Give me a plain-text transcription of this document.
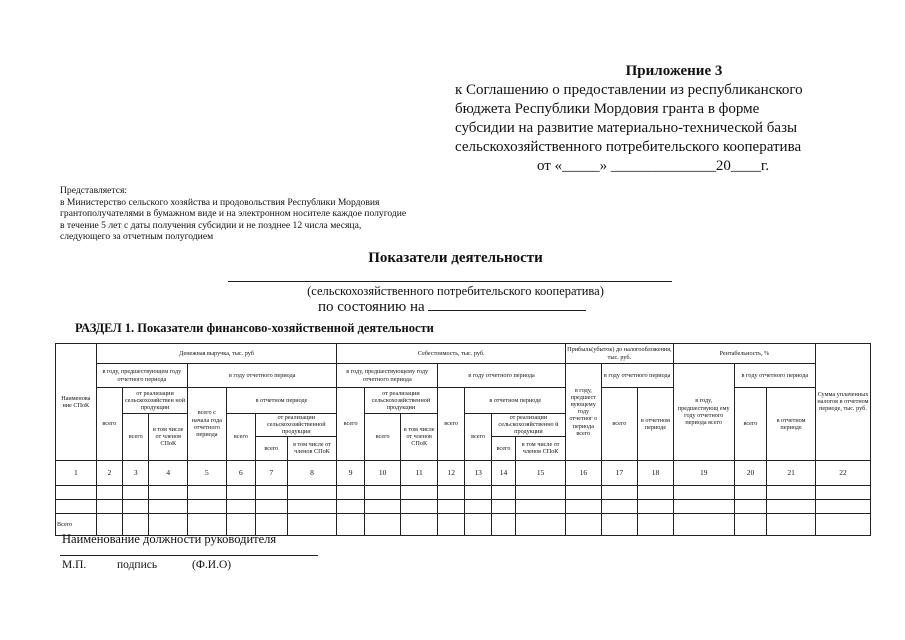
Приложение 3
к Соглашению о предоставлении из республиканского
бюджета Республики Мордовия гранта в форме
субсидии на развитие материально-технической базы
сельскохозяйственного потребительского кооператива
от «_____» ______________20____г.
Представляется:
в Министерство сельского хозяйства и продовольствия Республики Мордовия
грантополучателями в бумажном виде и на электронном носителе каждое полугодие
в течение 5 лет с даты получения субсидии и не позднее 12 числа месяца,
следующего за отчетным полугодием
Показатели деятельности
(сельскохозяйственного потребительского кооператива)
по состоянию на
РАЗДЕЛ 1. Показатели финансово-хозяйственной деятельности
Наименова ние СПоК	Денежная выручка, тыс. руб							Себестоимость, тыс. руб.							Прибыль(убыток) до налогообложения, тыс. руб.			Рентабельность, %			Сумма уплаченных налогов в отчетном периоде, тыс. руб.
	в году, предшествующем году отчетного периода			в году отчетного периода				в году, предшествующему году отчетного периода			в году отчетного периода				в году, предшест вующему году отчетног о периода всего	в году отчетного периода		в году, предшествующ ему году отчетного периода всего	в году отчетного периода		
	всего	от реализации сельскохозяйствен ной продукции		всего с начала года отчетного периода	в отчетном периоде			всего	от реализации сельскохозяйственной продукции		всего	в отчетном периоде				всего	в отчетном периоде		всего	в отчетном периоде	
		всего	в том числе от членов СПоК		всего	от реализации сельскохозяйственной продукции			всего	в том числе от членов СПоК		всего	от реализации сельскохозяйственно й продукции								
						всего	в том числе от членов СПоК						всего	в том числе от членов СПоК							
1	2	3	4	5	6	7	8	9	10	11	12	13	14	15	16	17	18	19	20	21	22

Всего																					
Наименование должности руководителя
М.П.	подпись	(Ф.И.О)
